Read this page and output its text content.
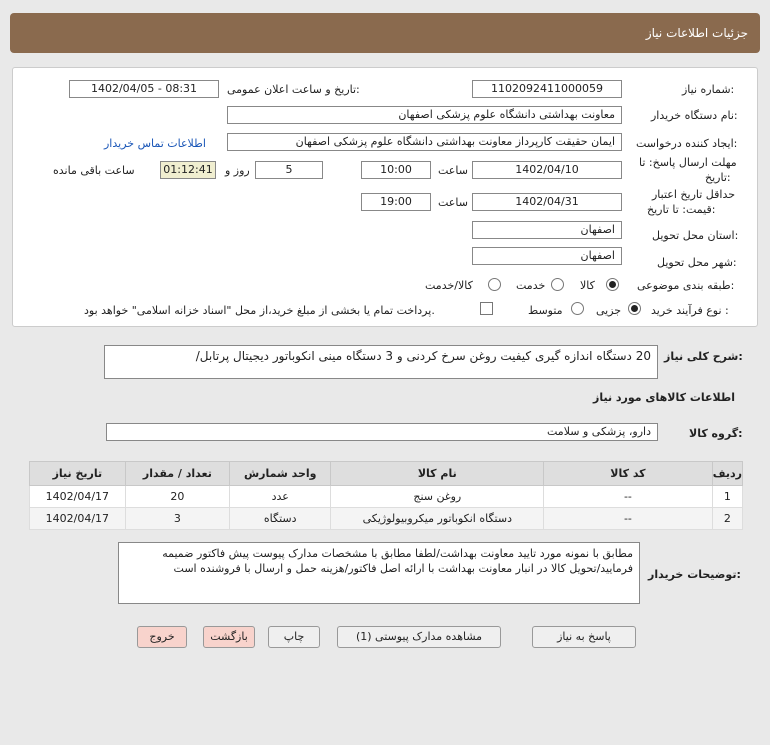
جزئیات اطلاعات نیاز
شماره نیاز:
1102092411000059
تاریخ و ساعت اعلان عمومی:
1402/04/05 - 08:31
نام دستگاه خریدار:
معاونت بهداشتی دانشگاه علوم پزشکی اصفهان
ایجاد کننده درخواست:
ایمان حقیقت کارپرداز معاونت بهداشتی دانشگاه علوم پزشکی اصفهان
اطلاعات تماس خریدار
مهلت ارسال پاسخ: تا
تاریخ:
1402/04/10
ساعت
10:00
5
روز و
01:12:41
ساعت باقی مانده
حداقل تاریخ اعتبار
قیمت: تا تاریخ:
1402/04/31
ساعت
19:00
استان محل تحویل:
اصفهان
شهر محل تحویل:
اصفهان
طبقه بندی موضوعی:
کالا
خدمت
کالا/خدمت
نوع فرآیند خرید :
جزیی
متوسط
پرداخت تمام یا بخشی از مبلغ خرید،از محل "اسناد خزانه اسلامی" خواهد بود.
شرح کلی نیاز:
20 دستگاه اندازه گیری کیفیت روغن سرخ کردنی و 3 دستگاه مینی انکوباتور دیجیتال پرتابل/
اطلاعات کالاهای مورد نیاز
گروه کالا:
دارو، پزشکی و سلامت
تاریخ نیاز	تعداد / مقدار	واحد شمارش	نام کالا	کد کالا	ردیف
1402/04/17	20	عدد	روغن سنج	--	1
1402/04/17	3	دستگاه	دستگاه انکوباتور میکروبیولوژیکی	--	2
توضیحات خریدار:
مطابق با نمونه مورد تایید معاونت بهداشت/لطفا مطابق با مشخصات مدارک پیوست پیش فاکتور ضمیمه فرمایید/تحویل کالا در انبار معاونت بهداشت با ارائه اصل فاکتور/هزینه حمل و ارسال با فروشنده است
پاسخ به نیاز
مشاهده مدارک پیوستی (1)
چاپ
بازگشت
خروج
